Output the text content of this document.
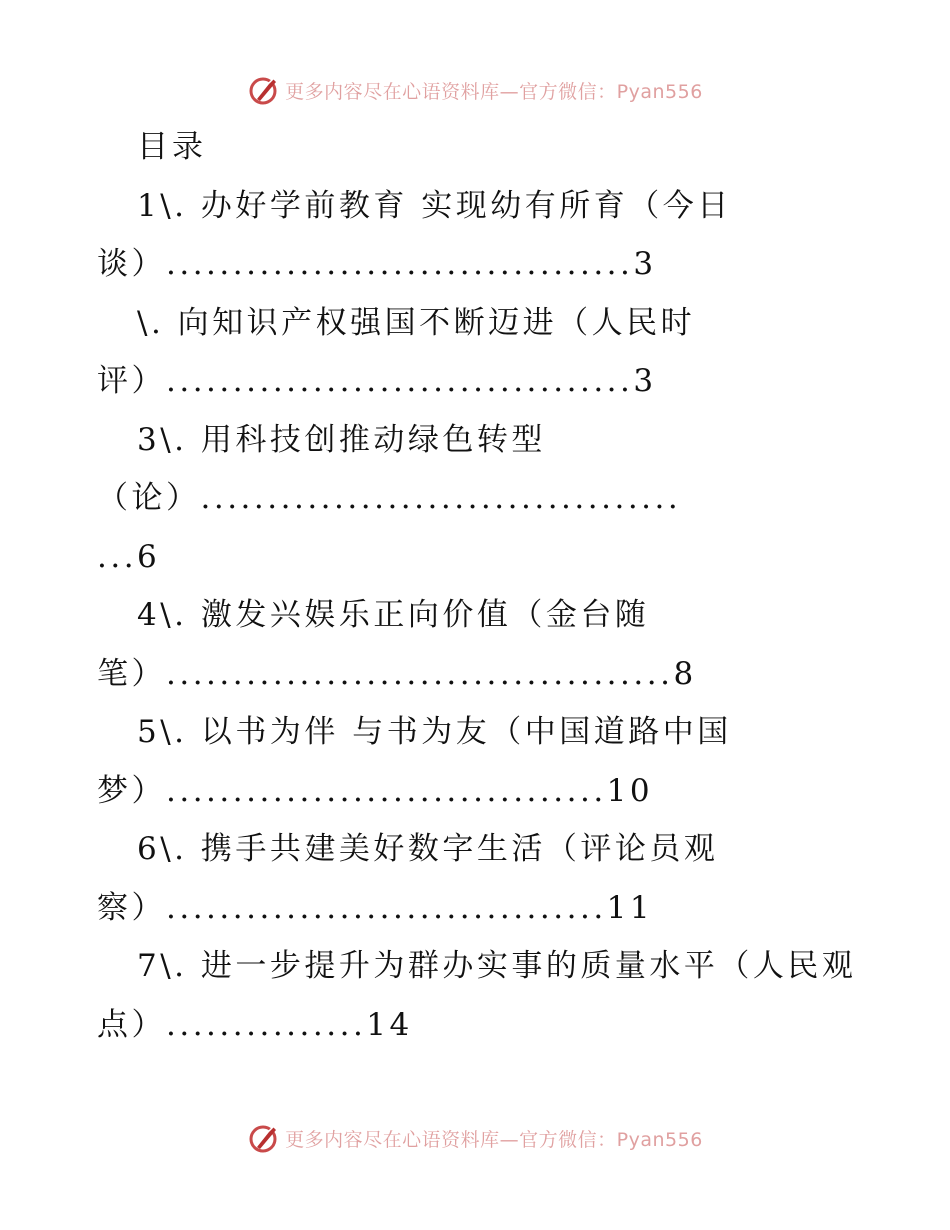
更多内容尽在心语资料库—官方微信：Pyan556
目录
1\. 办好学前教育 实现幼有所育（今日
谈）...................................3
\. 向知识产权强国不断迈进（人民时
评）...................................3
3\. 用科技创推动绿色转型
（论）....................................
...6
4\. 激发兴娱乐正向价值（金台随
笔）......................................8
5\. 以书为伴 与书为友（中国道路中国
梦）.................................10
6\. 携手共建美好数字生活（评论员观
察）.................................11
7\. 进一步提升为群办实事的质量水平（人民观
点）...............14
更多内容尽在心语资料库—官方微信：Pyan556
